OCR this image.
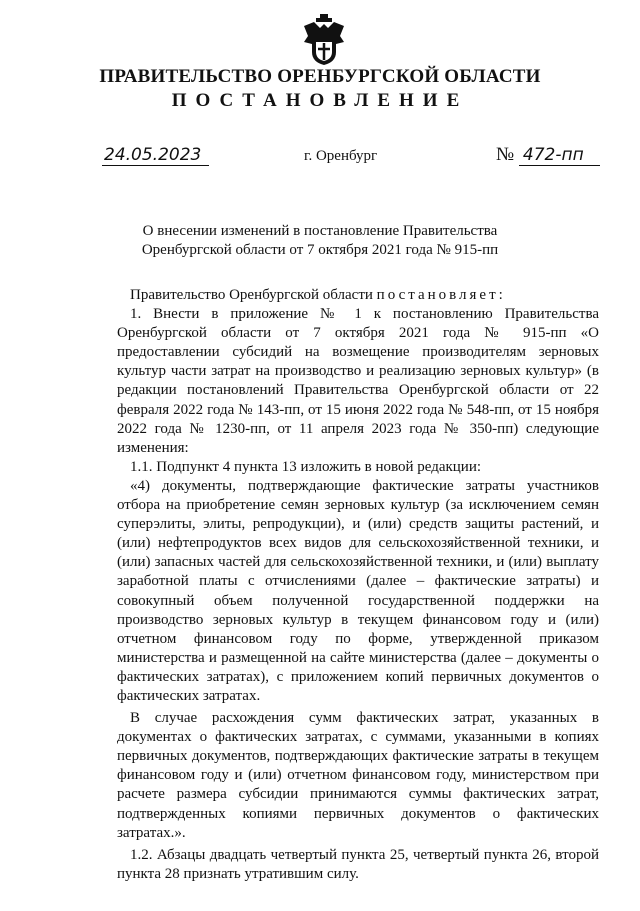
ПРАВИТЕЛЬСТВО ОРЕНБУРГСКОЙ ОБЛАСТИ
ПОСТАНОВЛЕНИЕ
24.05.2023	г. Оренбург	№ 472-пп
О внесении изменений в постановление Правительства
Оренбургской области от 7 октября 2021 года № 915-пп

Правительство Оренбургской области постановляет:

1. Внести в приложение № 1 к постановлению Правительства Оренбургской области от 7 октября 2021 года № 915-пп «О предоставлении субсидий на возмещение производителям зерновых культур части затрат на производство и реализацию зерновых культур» (в редакции постановлений Правительства Оренбургской области от 22 февраля 2022 года № 143-пп, от 15 июня 2022 года № 548-пп, от 15 ноября 2022 года № 1230-пп, от 11 апреля 2023 года № 350-пп) следующие изменения:

1.1. Подпункт 4 пункта 13 изложить в новой редакции:

«4) документы, подтверждающие фактические затраты участников отбора на приобретение семян зерновых культур (за исключением семян суперэлиты, элиты, репродукции), и (или) средств защиты растений, и (или) нефтепродуктов всех видов для сельскохозяйственной техники, и (или) запасных частей для сельскохозяйственной техники, и (или) выплату заработной платы с отчислениями (далее – фактические затраты) и совокупный объем полученной государственной поддержки на производство зерновых культур в текущем финансовом году и (или) отчетном финансовом году по форме, утвержденной приказом министерства и размещенной на сайте министерства (далее – документы о фактических затратах), с приложением копий первичных документов о фактических затратах.

В случае расхождения сумм фактических затрат, указанных в документах о фактических затратах, с суммами, указанными в копиях первичных документов, подтверждающих фактические затраты в текущем финансовом году и (или) отчетном финансовом году, министерством при расчете размера субсидии принимаются суммы фактических затрат, подтвержденных копиями первичных документов о фактических затратах.».

1.2. Абзацы двадцать четвертый пункта 25, четвертый пункта 26, второй пункта 28 признать утратившим силу.
